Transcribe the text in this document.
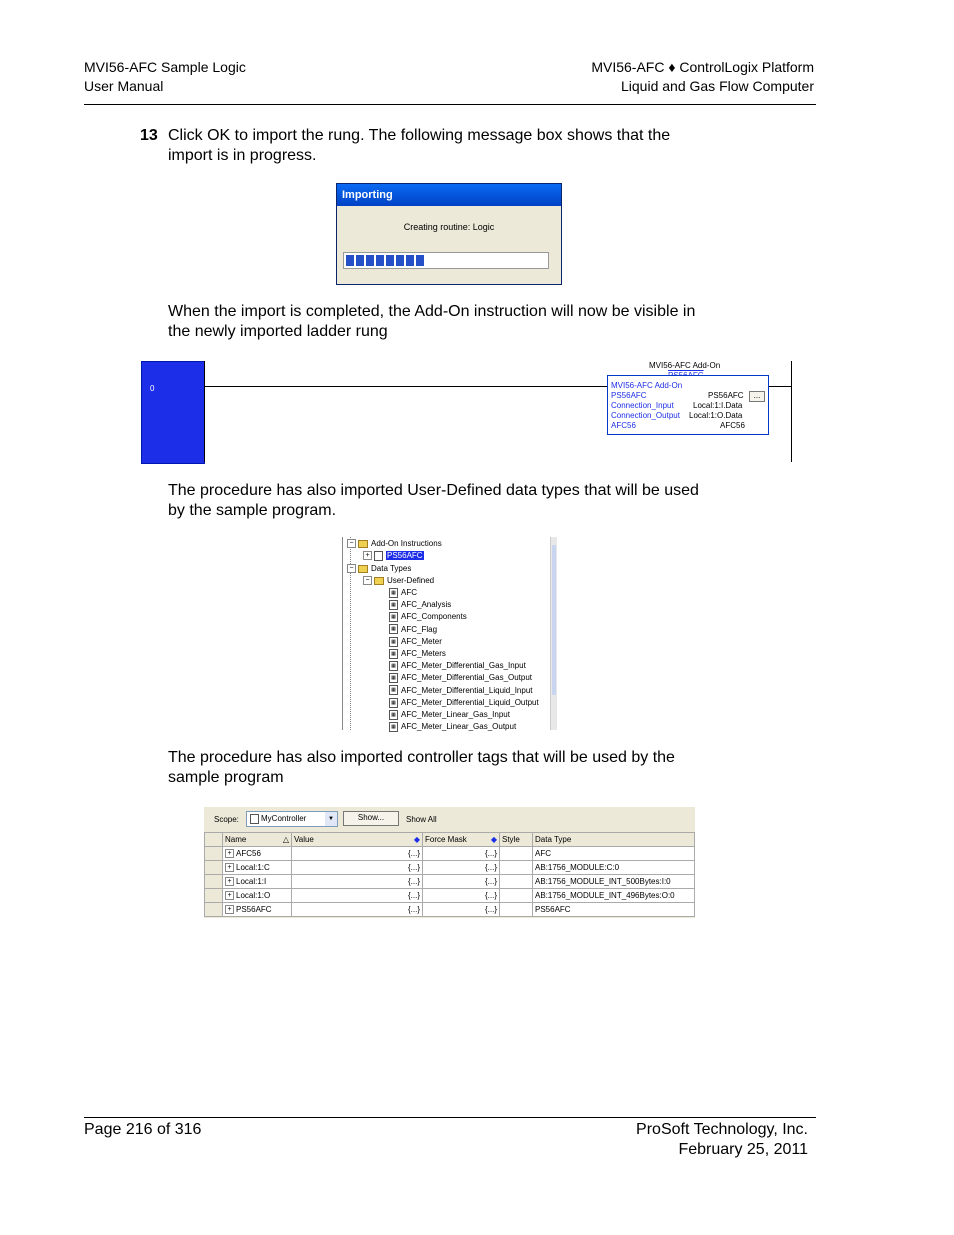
MVI56-AFC Sample Logic
User Manual
MVI56-AFC ♦ ControlLogix Platform
Liquid and Gas Flow Computer
13 Click OK to import the rung. The following message box shows that the
import is in progress.
Importing
Creating routine: Logic
When the import is completed, the Add-On instruction will now be visible in
the newly imported ladder rung
0
MVI56-AFC Add-On
MVI56-AFC Add-On
PS56AFC	PS56AFC	...
Connection_Input Local:1:I.Data
Connection_Output Local:1:O.Data
AFC56	AFC56
The procedure has also imported User-Defined data types that will be used
by the sample program.
− Add-On Instructions
+ PS56AFC
− Data Types
− User-Defined
▦ AFC
▦ AFC_Analysis
▦ AFC_Components
▦ AFC_Flag
▦ AFC_Meter
▦ AFC_Meters
▦ AFC_Meter_Differential_Gas_Input
▦ AFC_Meter_Differential_Gas_Output
▦ AFC_Meter_Differential_Liquid_Input
▦ AFC_Meter_Differential_Liquid_Output
▦ AFC_Meter_Linear_Gas_Input
▦ AFC_Meter_Linear_Gas_Output
The procedure has also imported controller tags that will be used by the
sample program
Scope:	MyController	▼	Show...	Show All
	Name △	Value ◆	Force Mask ◆	Style	Data Type
	+ AFC56	{...}	{...}		AFC
	+ Local:1:C	{...}	{...}		AB:1756_MODULE:C:0
	+ Local:1:I	{...}	{...}		AB:1756_MODULE_INT_500Bytes:I:0
	+ Local:1:O	{...}	{...}		AB:1756_MODULE_INT_496Bytes:O:0
	+ PS56AFC	{...}	{...}		PS56AFC
Page 216 of 316	ProSoft Technology, Inc.
February 25, 2011
